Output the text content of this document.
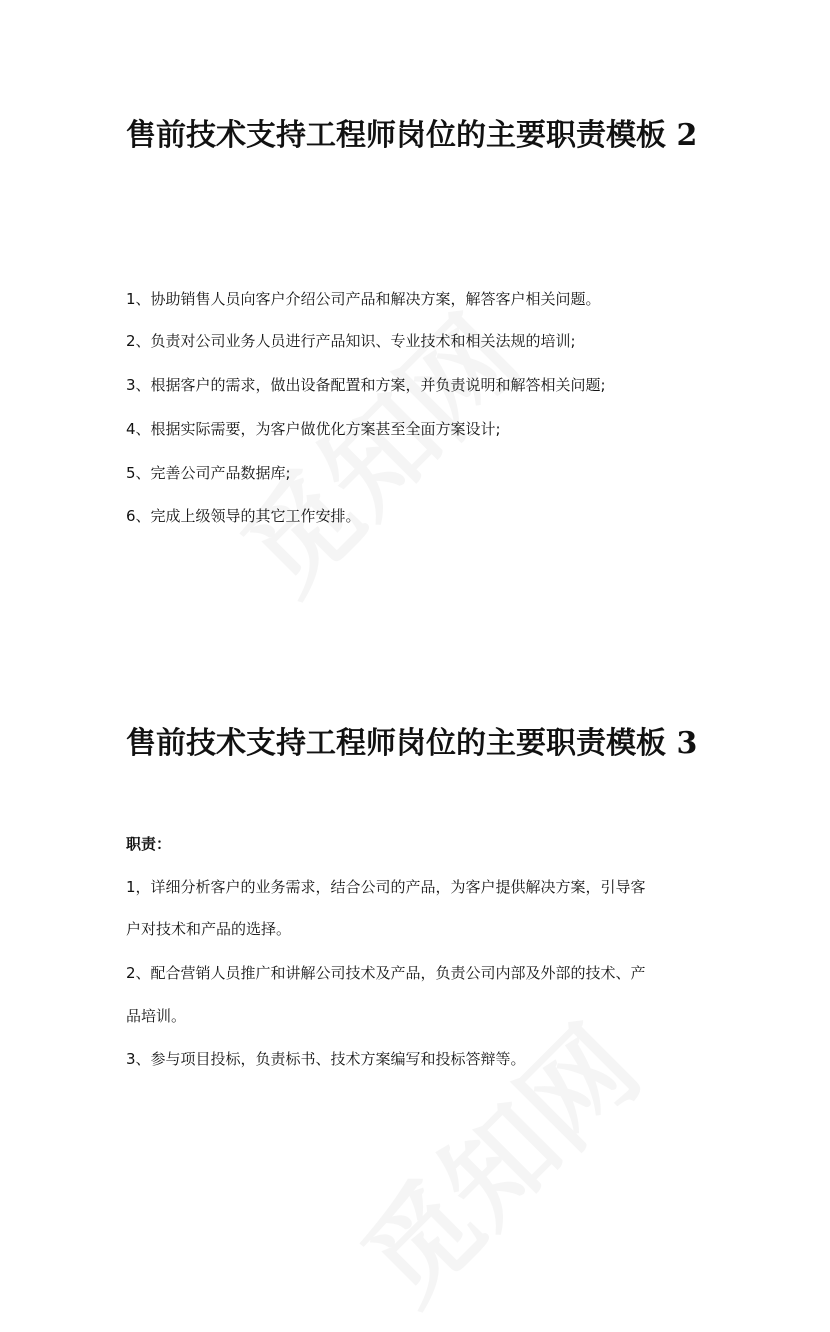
售前技术支持工程师岗位的主要职责模板 2
1、协助销售人员向客户介绍公司产品和解决方案，解答客户相关问题。
2、负责对公司业务人员进行产品知识、专业技术和相关法规的培训;
3、根据客户的需求，做出设备配置和方案，并负责说明和解答相关问题;
4、根据实际需要，为客户做优化方案甚至全面方案设计;
5、完善公司产品数据库;
6、完成上级领导的其它工作安排。
售前技术支持工程师岗位的主要职责模板 3
职责：
1，详细分析客户的业务需求，结合公司的产品，为客户提供解决方案，引导客
户对技术和产品的选择。
2、配合营销人员推广和讲解公司技术及产品，负责公司内部及外部的技术、产
品培训。
3、参与项目投标，负责标书、技术方案编写和投标答辩等。
